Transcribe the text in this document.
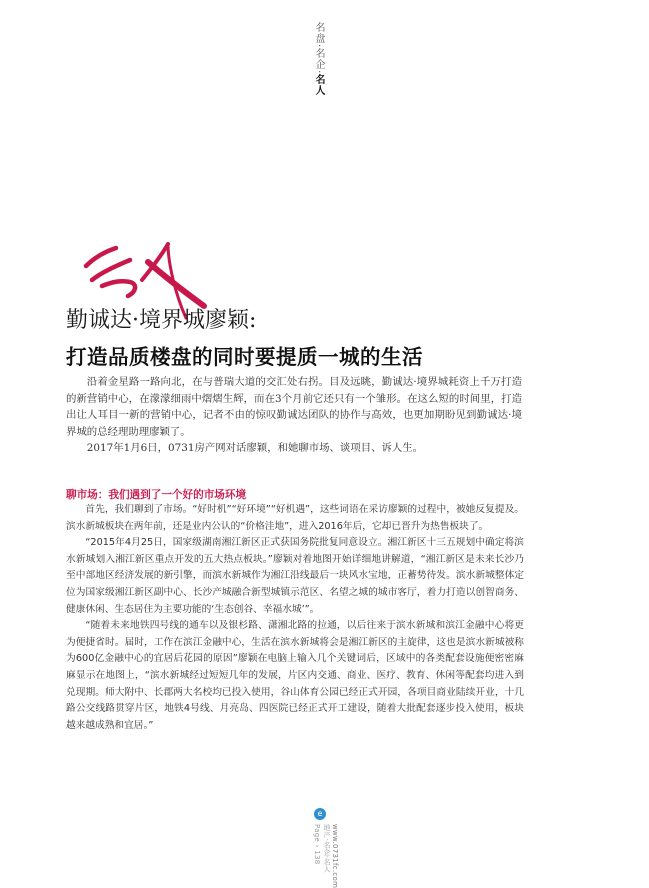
名盘·名企·名人
勤诚达·境界城廖颖:
打造品质楼盘的同时要提质一城的生活

沿着金星路一路向北，在与普瑞大道的交汇处右拐。目及远眺，勤诚达·境界城耗资上千万打造的新营销中心，在濛濛细雨中熠熠生辉，而在3个月前它还只有一个雏形。在这么短的时间里，打造出让人耳目一新的营销中心，记者不由的惊叹勤诚达团队的协作与高效，也更加期盼见到勤诚达·境界城的总经理助理廖颖了。

2017年1月6日，0731房产网对话廖颖，和她聊市场、谈项目、诉人生。

聊市场：我们遇到了一个好的市场环境

首先，我们聊到了市场。“好时机”“好环境”“好机遇”，这些词语在采访廖颖的过程中，被她反复提及。滨水新城板块在两年前，还是业内公认的“价格洼地”，进入2016年后，它却已晋升为热售板块了。

“2015年4月25日，国家级湖南湘江新区正式获国务院批复同意设立。湘江新区十三五规划中确定将滨水新城划入湘江新区重点开发的五大热点板块。”廖颖对着地图开始详细地讲解道，“湘江新区是未来长沙乃至中部地区经济发展的新引擎，而滨水新城作为湘江沿线最后一块风水宝地，正蓄势待发。滨水新城整体定位为国家级湘江新区副中心、长沙产城融合新型城镇示范区、名望之城的城市客厅，着力打造以创智商务、健康休闲、生态居住为主要功能的‘生态创谷、幸福水城’”。

“随着未来地铁四号线的通车以及银杉路、潇湘北路的拉通，以后往来于滨水新城和滨江金融中心将更为便捷省时。届时，工作在滨江金融中心，生活在滨水新城将会是湘江新区的主旋律，这也是滨水新城被称为600亿金融中心的宜居后花园的原因”廖颖在电脑上输入几个关键词后，区域中的各类配套设施便密密麻麻显示在地图上，“滨水新城经过短短几年的发展，片区内交通、商业、医疗、教育、休闲等配套均进入到兑现期。师大附中、长郡两大名校均已投入使用，谷山体育公园已经正式开园，各项目商业陆续开业，十几路公交线路贯穿片区，地铁4号线、月亮岛、四医院已经正式开工建设，随着大批配套逐步投入使用，板块越来越成熟和宜居。”

e
Page › 138 地产·名企·名人 www.0731fc.com
